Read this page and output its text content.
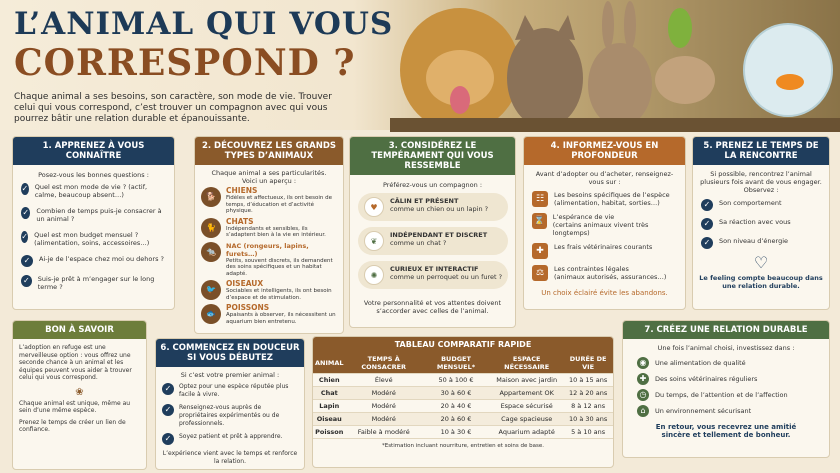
L’ANIMAL QUI VOUS
CORRESPOND ?
Chaque animal a ses besoins, son caractère, son mode de vie. Trouver celui qui vous correspond, c’est trouver un compagnon avec qui vous pourrez bâtir une relation durable et épanouissante.
1. APPRENEZ À VOUS CONNAÎTRE
Posez-vous les bonnes questions :
✓ Quel est mon mode de vie ? (actif, calme, beaucoup absent…)
✓ Combien de temps puis-je consacrer à un animal ?
✓ Quel est mon budget mensuel ? (alimentation, soins, accessoires…)
✓	Ai-je de l’espace chez moi ou dehors ?
✓	Suis-je prêt à m’engager sur le long terme ?
2. DÉCOUVREZ LES GRANDS TYPES D’ANIMAUX
Chaque animal a ses particularités. Voici un aperçu :
🐕
CHIENS
Fidèles et affectueux, ils ont besoin de temps, d’éducation et d’activité physique.
🐈
CHATS
Indépendants et sensibles, ils s’adaptent bien à la vie en intérieur.
🐀
NAC (rongeurs, lapins, furets…)
Petits, souvent discrets, ils demandent des soins spécifiques et un habitat adapté.
🐦
OISEAUX
Sociables et intelligents, ils ont besoin d’espace et de stimulation.
🐟
POISSONS
Apaisants à observer, ils nécessitent un aquarium bien entretenu.
3. CONSIDÉREZ LE TEMPÉRAMENT QUI VOUS RESSEMBLE
Préférez-vous un compagnon :
♥
CÂLIN ET PRÉSENT
comme un chien ou un lapin ?
❦
INDÉPENDANT ET DISCRET
comme un chat ?
✺
CURIEUX ET INTERACTIF
comme un perroquet ou un furet ?
Votre personnalité et vos attentes doivent s’accorder avec celles de l’animal.
4. INFORMEZ-VOUS EN PROFONDEUR
Avant d’adopter ou d’acheter, renseignez-vous sur :
☷	Les besoins spécifiques de l’espèce
(alimentation, habitat, sorties…)
⌛ L’espérance de vie
(certains animaux vivent très longtemps)
✚	Les frais vétérinaires courants
⚖	Les contraintes légales
(animaux autorisés, assurances…)
Un choix éclairé évite les abandons.
5. PRENEZ LE TEMPS DE LA RENCONTRE
Si possible, rencontrez l’animal plusieurs fois avant de vous engager. Observez :
✓	Son comportement
✓	Sa réaction avec vous
✓	Son niveau d’énergie
♡
Le feeling compte beaucoup dans une relation durable.
BON À SAVOIR
L’adoption en refuge est une merveilleuse option : vous offrez une seconde chance à un animal et les équipes peuvent vous aider à trouver celui qui vous correspond.
❀
Chaque animal est unique, même au sein d’une même espèce.
Prenez le temps de créer un lien de confiance.
6. COMMENCEZ EN DOUCEUR SI VOUS DÉBUTEZ
Si c’est votre premier animal :
✓	Optez pour une espèce réputée plus facile à vivre.
✓	Renseignez-vous auprès de propriétaires expérimentés ou de professionnels.
✓	Soyez patient et prêt à apprendre.
L’expérience vient avec le temps et renforce la relation.
TABLEAU COMPARATIF RAPIDE
ANIMAL	TEMPS À CONSACRER	BUDGET MENSUEL*	ESPACE NÉCESSAIRE	DURÉE DE VIE
Chien	Élevé	50 à 100 €	Maison avec jardin	10 à 15 ans
Chat	Modéré	30 à 60 €	Appartement OK	12 à 20 ans
Lapin	Modéré	20 à 40 €	Espace sécurisé	8 à 12 ans
Oiseau	Modéré	20 à 60 €	Cage spacieuse	10 à 30 ans
Poisson	Faible à modéré	10 à 30 €	Aquarium adapté	5 à 10 ans
*Estimation incluant nourriture, entretien et soins de base.
7. CRÉEZ UNE RELATION DURABLE
Une fois l’animal choisi, investissez dans :
◉	Une alimentation de qualité
✚	Des soins vétérinaires réguliers
◷	Du temps, de l’attention et de l’affection
⌂	Un environnement sécurisant
En retour, vous recevrez une amitié sincère et tellement de bonheur.
